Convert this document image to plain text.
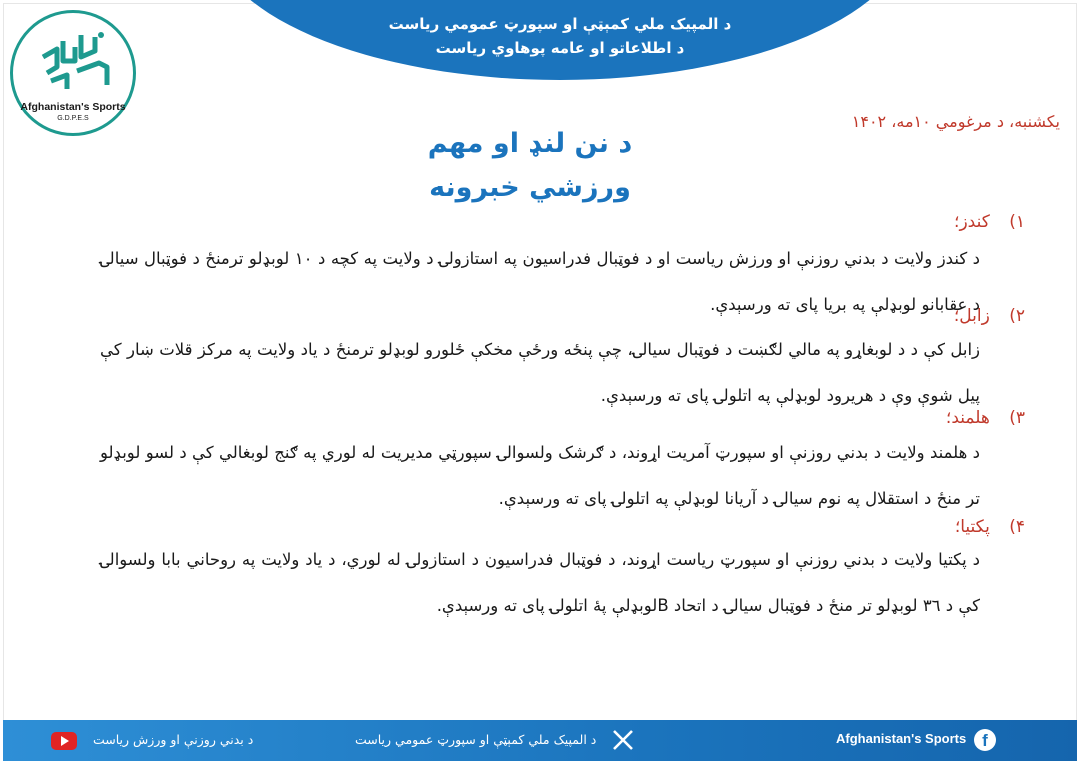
د المپیک ملي کمېټې او سپورټ عمومي رياست
د اطلاعاتو او عامه پوهاوي رياست
Afghanistan's Sports
G.D.P.E.S	يکشنبه، د مرغومي ۱۰مه، ۱۴۰۲
د نن لنډ او مهم
ورزشي خبرونه
۱) کندز؛
د کندز ولایت د بدني روزنې او ورزش رياست او د فوټبال فدراسيون په استازولۍ د ولايت په کچه د ۱۰ لوبډلو ترمنځ د فوټبال سيالۍ د عقابانو لوبډلې په بريا پای ته ورسېدې.
۲) زابل؛
زابل کې د د لوبغاړو په مالي لګښت د فوټبال سيالۍ، چې پنځه ورځې مخکې ځلورو لوبډلو ترمنځ د ياد ولايت په مرکز قلات ښار کې پيل شوې وې د هريرود لوبډلې په اتلولۍ پای ته ورسېدې.
۳) هلمند؛
د هلمند ولايت د بدني روزنې او سپورټ آمريت اړوند، د ګرشک ولسوالۍ سپورټي مديريت له لوري په ګنج لوبغالي کې د لسو لوبډلو تر منځ د استقلال په نوم سيالۍ د آريانا لوبډلې په اتلولۍ پای ته ورسېدې.
۴) پکتيا؛
د پکتيا ولايت د بدني روزنې او سپورټ رياست اړوند، د فوټبال فدراسيون د استازولۍ له لوري، د ياد ولايت په روحاني بابا ولسوالۍ کې د ۳٦ لوبډلو تر منځ د فوټبال سيالۍ د اتحاد Bلوبډلې پۀ اتلولۍ پای ته ورسېدې.
د بدني روزنې او ورزش رياست	د المپیک ملي کمېټې او سپورټ عمومي رياست	Afghanistan's Sports f
